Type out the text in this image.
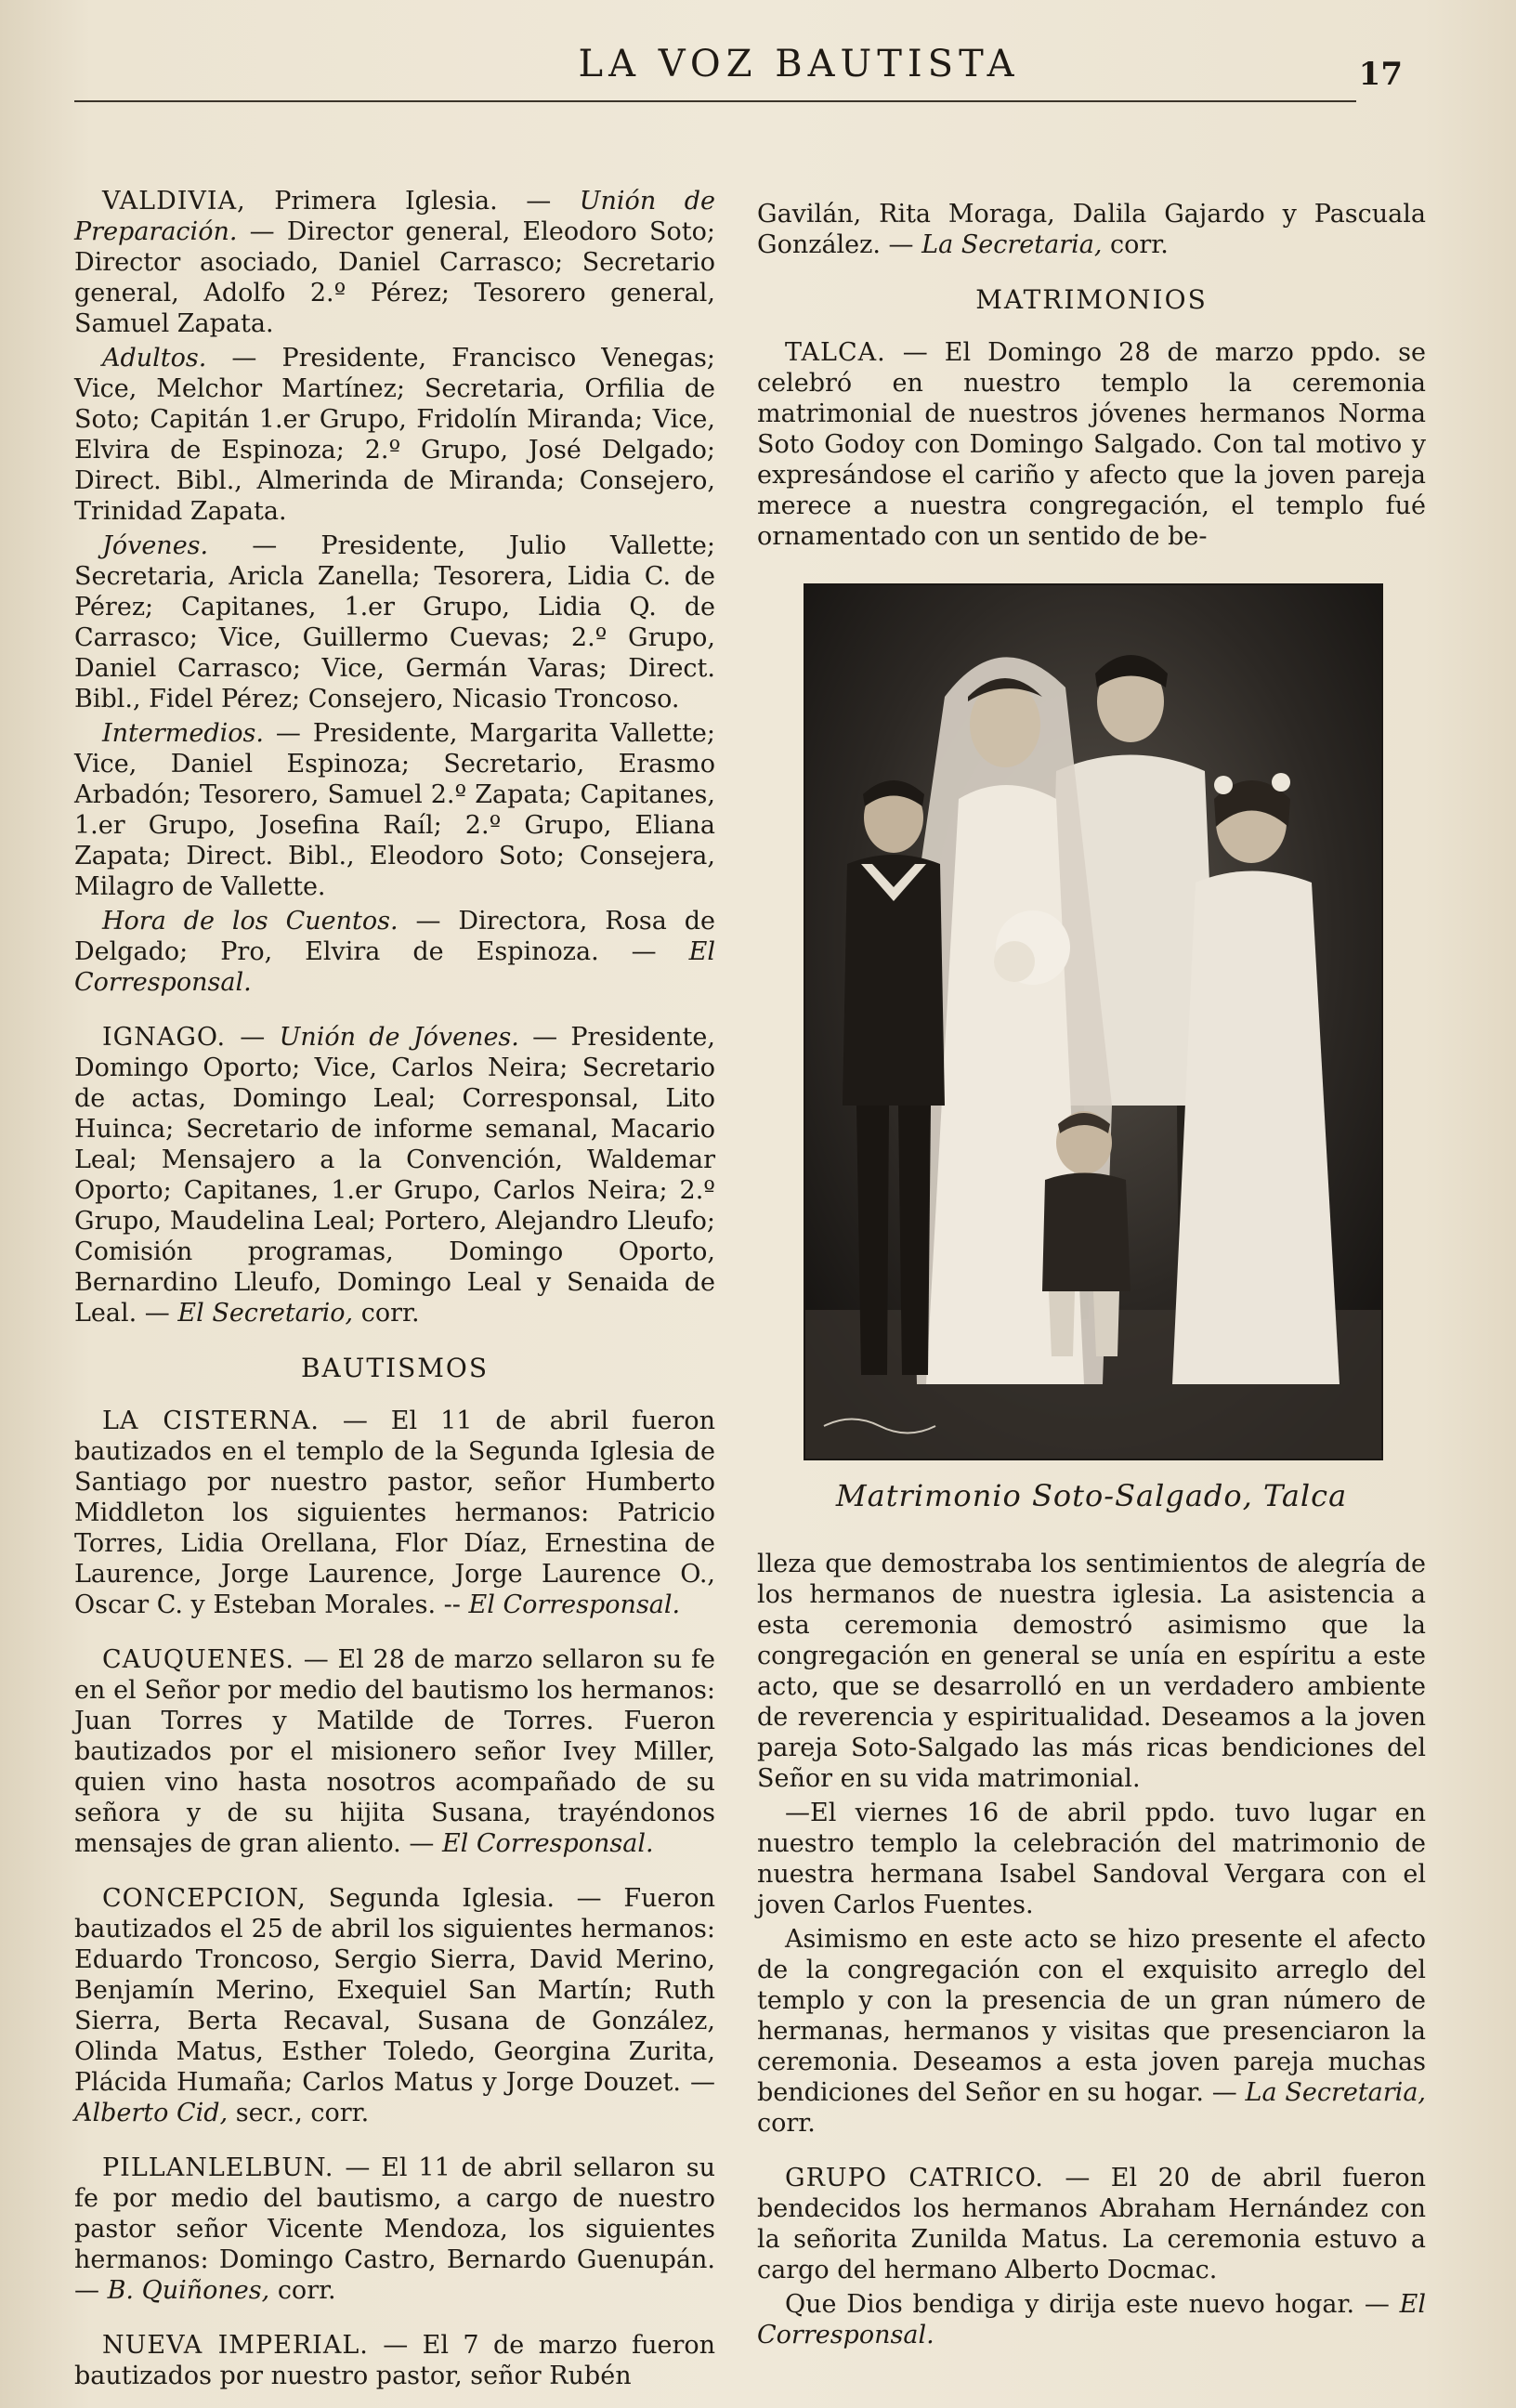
LA VOZ BAUTISTA	17

VALDIVIA, Primera Iglesia. — Unión de Preparación. — Director general, Eleodoro Soto; Director asociado, Daniel Carrasco; Secretario general, Adolfo 2.º Pérez; Tesorero general, Samuel Zapata.

Adultos. — Presidente, Francisco Venegas; Vice, Melchor Martínez; Secretaria, Orfilia de Soto; Capitán 1.er Grupo, Fridolín Miranda; Vice, Elvira de Espinoza; 2.º Grupo, José Delgado; Direct. Bibl., Almerinda de Miranda; Consejero, Trinidad Zapata.

Jóvenes. — Presidente, Julio Vallette; Secretaria, Aricla Zanella; Tesorera, Lidia C. de Pérez; Capitanes, 1.er Grupo, Lidia Q. de Carrasco; Vice, Guillermo Cuevas; 2.º Grupo, Daniel Carrasco; Vice, Germán Varas; Direct. Bibl., Fidel Pérez; Consejero, Nicasio Troncoso.

Intermedios. — Presidente, Margarita Vallette; Vice, Daniel Espinoza; Secretario, Erasmo Arbadón; Tesorero, Samuel 2.º Zapata; Capitanes, 1.er Grupo, Josefina Raíl; 2.º Grupo, Eliana Zapata; Direct. Bibl., Eleodoro Soto; Consejera, Milagro de Vallette.

Hora de los Cuentos. — Directora, Rosa de Delgado; Pro, Elvira de Espinoza. — El Corresponsal.

IGNAGO. — Unión de Jóvenes. — Presidente, Domingo Oporto; Vice, Carlos Neira; Secretario de actas, Domingo Leal; Corresponsal, Lito Huinca; Secretario de informe semanal, Macario Leal; Mensajero a la Convención, Waldemar Oporto; Capitanes, 1.er Grupo, Carlos Neira; 2.º Grupo, Maudelina Leal; Portero, Alejandro Lleufo; Comisión programas, Domingo Oporto, Bernardino Lleufo, Domingo Leal y Senaida de Leal. — El Secretario, corr.

BAUTISMOS

LA CISTERNA. — El 11 de abril fueron bautizados en el templo de la Segunda Iglesia de Santiago por nuestro pastor, señor Humberto Middleton los siguientes hermanos: Patricio Torres, Lidia Orellana, Flor Díaz, Ernestina de Laurence, Jorge Laurence, Jorge Laurence O., Oscar C. y Esteban Morales. -- El Corresponsal.

CAUQUENES. — El 28 de marzo sellaron su fe en el Señor por medio del bautismo los hermanos: Juan Torres y Matilde de Torres. Fueron bautizados por el misionero señor Ivey Miller, quien vino hasta nosotros acompañado de su señora y de su hijita Susana, trayéndonos mensajes de gran aliento. — El Corresponsal.

CONCEPCION, Segunda Iglesia. — Fueron bautizados el 25 de abril los siguientes hermanos: Eduardo Troncoso, Sergio Sierra, David Merino, Benjamín Merino, Exequiel San Martín; Ruth Sierra, Berta Recaval, Susana de González, Olinda Matus, Esther Toledo, Georgina Zurita, Plácida Humaña; Carlos Matus y Jorge Douzet. — Alberto Cid, secr., corr.

PILLANLELBUN. — El 11 de abril sellaron su fe por medio del bautismo, a cargo de nuestro pastor señor Vicente Mendoza, los siguientes hermanos: Domingo Castro, Bernardo Guenupán. — B. Quiñones, corr.

NUEVA IMPERIAL. — El 7 de marzo fueron bautizados por nuestro pastor, señor Rubén

Gavilán, Rita Moraga, Dalila Gajardo y Pascuala González. — La Secretaria, corr.

MATRIMONIOS

TALCA. — El Domingo 28 de marzo ppdo. se celebró en nuestro templo la ceremonia matrimonial de nuestros jóvenes hermanos Norma Soto Godoy con Domingo Salgado. Con tal motivo y expresándose el cariño y afecto que la joven pareja merece a nuestra congregación, el templo fué ornamentado con un sentido de be-

Matrimonio Soto-Salgado, Talca

lleza que demostraba los sentimientos de alegría de los hermanos de nuestra iglesia. La asistencia a esta ceremonia demostró asimismo que la congregación en general se unía en espíritu a este acto, que se desarrolló en un verdadero ambiente de reverencia y espiritualidad. Deseamos a la joven pareja Soto-Salgado las más ricas bendiciones del Señor en su vida matrimonial.

—El viernes 16 de abril ppdo. tuvo lugar en nuestro templo la celebración del matrimonio de nuestra hermana Isabel Sandoval Vergara con el joven Carlos Fuentes.

Asimismo en este acto se hizo presente el afecto de la congregación con el exquisito arreglo del templo y con la presencia de un gran número de hermanas, hermanos y visitas que presenciaron la ceremonia. Deseamos a esta joven pareja muchas bendiciones del Señor en su hogar. — La Secretaria, corr.

GRUPO CATRICO. — El 20 de abril fueron bendecidos los hermanos Abraham Hernández con la señorita Zunilda Matus. La ceremonia estuvo a cargo del hermano Alberto Docmac.

Que Dios bendiga y dirija este nuevo hogar. — El Corresponsal.
